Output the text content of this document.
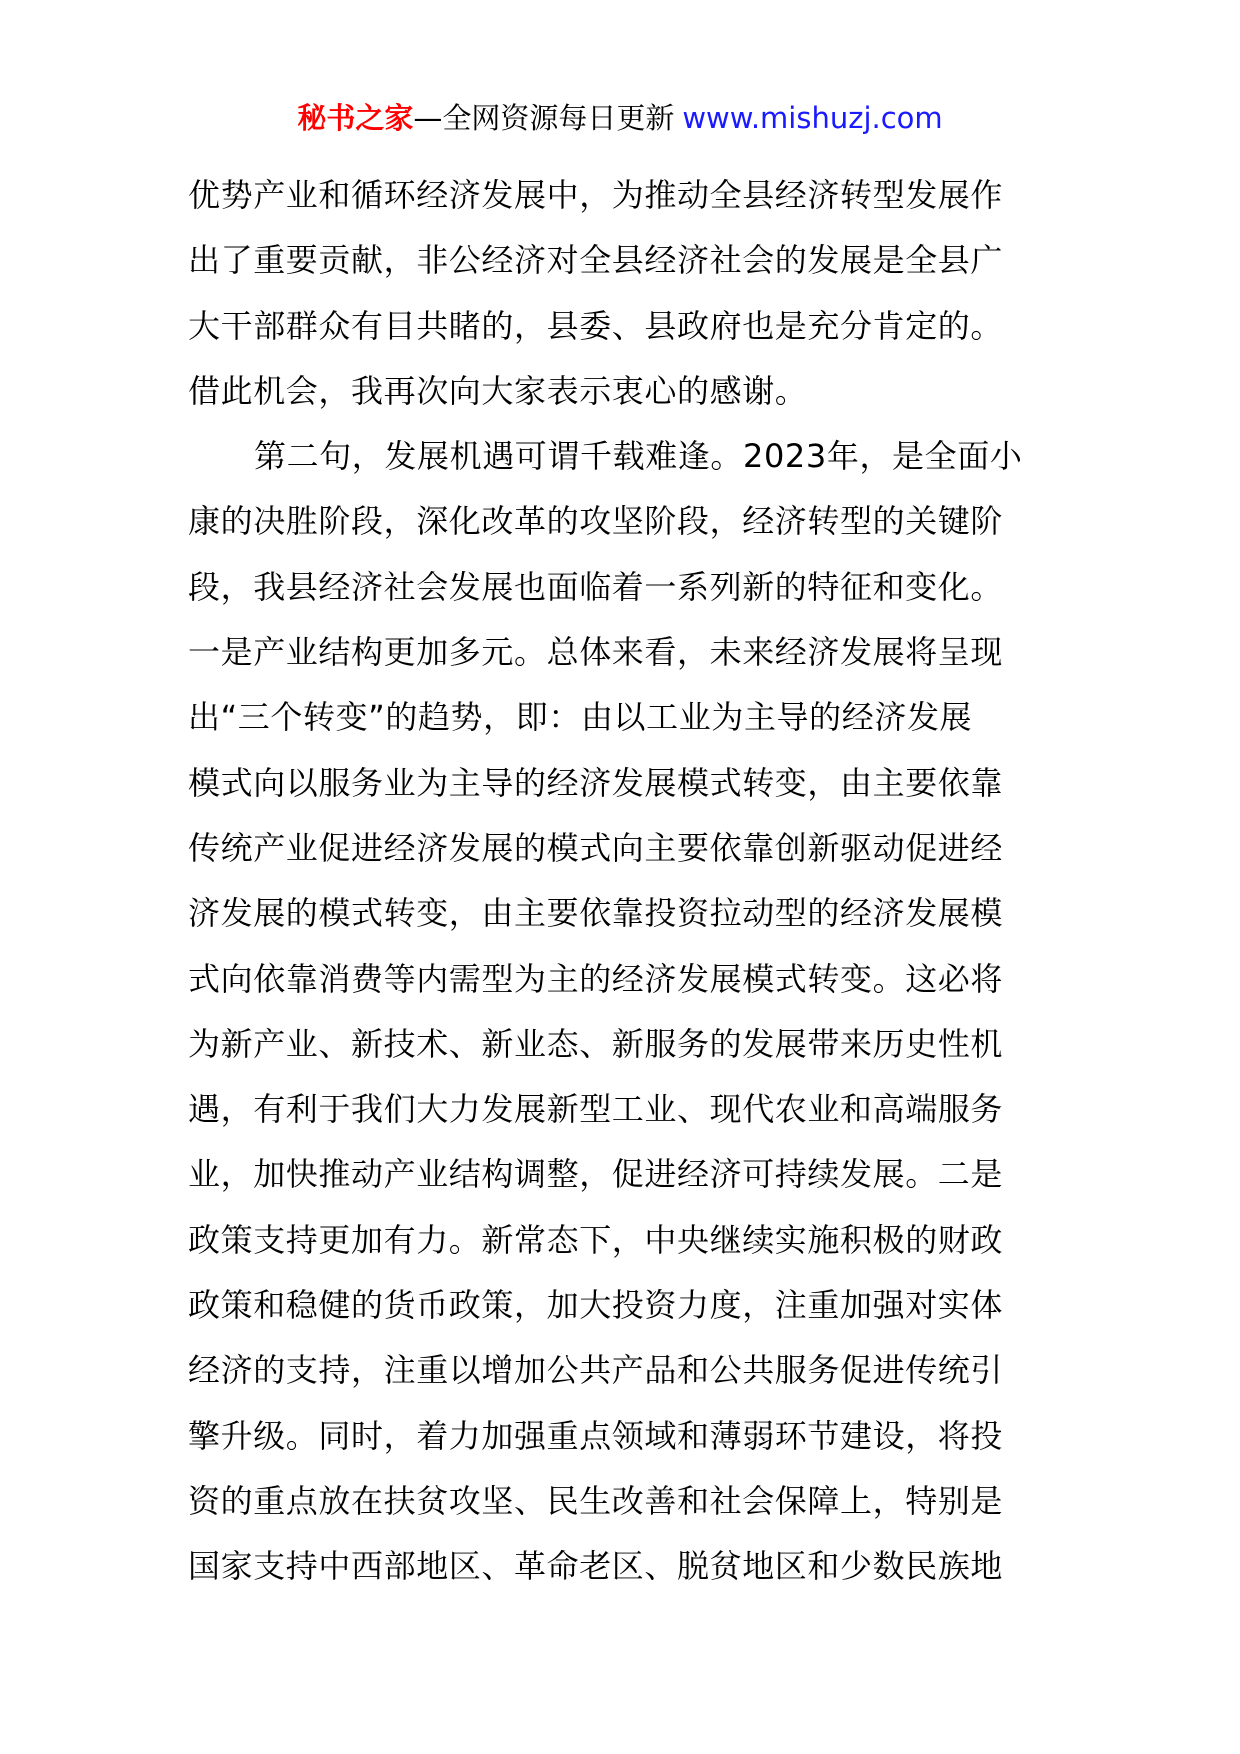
秘书之家—全网资源每日更新 www.mishuzj.com

优势产业和循环经济发展中，为推动全县经济转型发展作

出了重要贡献，非公经济对全县经济社会的发展是全县广

大干部群众有目共睹的，县委、县政府也是充分肯定的。

借此机会，我再次向大家表示衷心的感谢。

第二句，发展机遇可谓千载难逢。2023年，是全面小

康的决胜阶段，深化改革的攻坚阶段，经济转型的关键阶

段，我县经济社会发展也面临着一系列新的特征和变化。

一是产业结构更加多元。总体来看，未来经济发展将呈现

出“三个转变”的趋势，即：由以工业为主导的经济发展

模式向以服务业为主导的经济发展模式转变，由主要依靠

传统产业促进经济发展的模式向主要依靠创新驱动促进经

济发展的模式转变，由主要依靠投资拉动型的经济发展模

式向依靠消费等内需型为主的经济发展模式转变。这必将

为新产业、新技术、新业态、新服务的发展带来历史性机

遇，有利于我们大力发展新型工业、现代农业和高端服务

业，加快推动产业结构调整，促进经济可持续发展。二是

政策支持更加有力。新常态下，中央继续实施积极的财政

政策和稳健的货币政策，加大投资力度，注重加强对实体

经济的支持，注重以增加公共产品和公共服务促进传统引

擎升级。同时，着力加强重点领域和薄弱环节建设，将投

资的重点放在扶贫攻坚、民生改善和社会保障上，特别是

国家支持中西部地区、革命老区、脱贫地区和少数民族地
